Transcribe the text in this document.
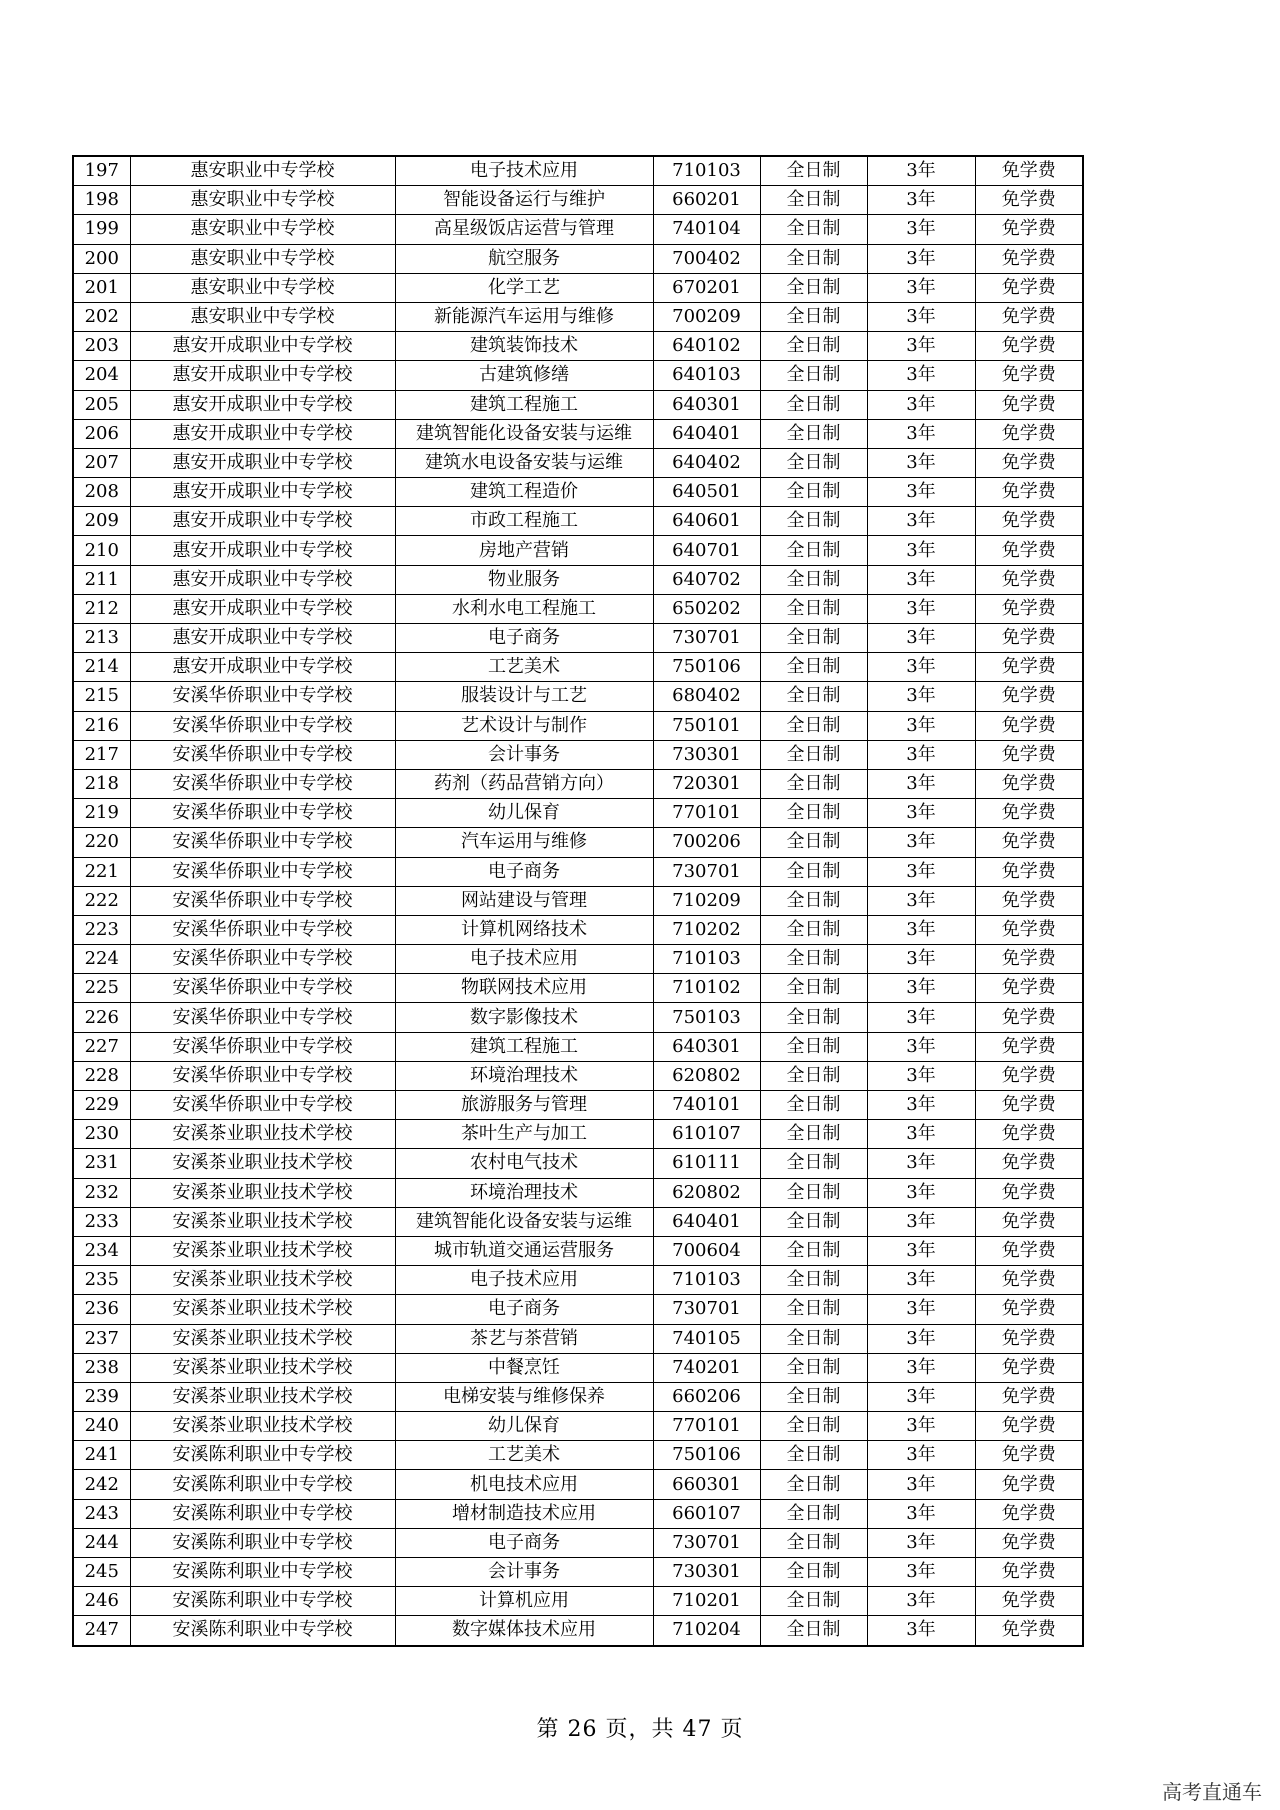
197	惠安职业中专学校	电子技术应用	710103	全日制	3年	免学费
198	惠安职业中专学校	智能设备运行与维护	660201	全日制	3年	免学费
199	惠安职业中专学校	高星级饭店运营与管理	740104	全日制	3年	免学费
200	惠安职业中专学校	航空服务	700402	全日制	3年	免学费
201	惠安职业中专学校	化学工艺	670201	全日制	3年	免学费
202	惠安职业中专学校	新能源汽车运用与维修	700209	全日制	3年	免学费
203	惠安开成职业中专学校	建筑装饰技术	640102	全日制	3年	免学费
204	惠安开成职业中专学校	古建筑修缮	640103	全日制	3年	免学费
205	惠安开成职业中专学校	建筑工程施工	640301	全日制	3年	免学费
206	惠安开成职业中专学校	建筑智能化设备安装与运维	640401	全日制	3年	免学费
207	惠安开成职业中专学校	建筑水电设备安装与运维	640402	全日制	3年	免学费
208	惠安开成职业中专学校	建筑工程造价	640501	全日制	3年	免学费
209	惠安开成职业中专学校	市政工程施工	640601	全日制	3年	免学费
210	惠安开成职业中专学校	房地产营销	640701	全日制	3年	免学费
211	惠安开成职业中专学校	物业服务	640702	全日制	3年	免学费
212	惠安开成职业中专学校	水利水电工程施工	650202	全日制	3年	免学费
213	惠安开成职业中专学校	电子商务	730701	全日制	3年	免学费
214	惠安开成职业中专学校	工艺美术	750106	全日制	3年	免学费
215	安溪华侨职业中专学校	服装设计与工艺	680402	全日制	3年	免学费
216	安溪华侨职业中专学校	艺术设计与制作	750101	全日制	3年	免学费
217	安溪华侨职业中专学校	会计事务	730301	全日制	3年	免学费
218	安溪华侨职业中专学校	药剂（药品营销方向）	720301	全日制	3年	免学费
219	安溪华侨职业中专学校	幼儿保育	770101	全日制	3年	免学费
220	安溪华侨职业中专学校	汽车运用与维修	700206	全日制	3年	免学费
221	安溪华侨职业中专学校	电子商务	730701	全日制	3年	免学费
222	安溪华侨职业中专学校	网站建设与管理	710209	全日制	3年	免学费
223	安溪华侨职业中专学校	计算机网络技术	710202	全日制	3年	免学费
224	安溪华侨职业中专学校	电子技术应用	710103	全日制	3年	免学费
225	安溪华侨职业中专学校	物联网技术应用	710102	全日制	3年	免学费
226	安溪华侨职业中专学校	数字影像技术	750103	全日制	3年	免学费
227	安溪华侨职业中专学校	建筑工程施工	640301	全日制	3年	免学费
228	安溪华侨职业中专学校	环境治理技术	620802	全日制	3年	免学费
229	安溪华侨职业中专学校	旅游服务与管理	740101	全日制	3年	免学费
230	安溪茶业职业技术学校	茶叶生产与加工	610107	全日制	3年	免学费
231	安溪茶业职业技术学校	农村电气技术	610111	全日制	3年	免学费
232	安溪茶业职业技术学校	环境治理技术	620802	全日制	3年	免学费
233	安溪茶业职业技术学校	建筑智能化设备安装与运维	640401	全日制	3年	免学费
234	安溪茶业职业技术学校	城市轨道交通运营服务	700604	全日制	3年	免学费
235	安溪茶业职业技术学校	电子技术应用	710103	全日制	3年	免学费
236	安溪茶业职业技术学校	电子商务	730701	全日制	3年	免学费
237	安溪茶业职业技术学校	茶艺与茶营销	740105	全日制	3年	免学费
238	安溪茶业职业技术学校	中餐烹饪	740201	全日制	3年	免学费
239	安溪茶业职业技术学校	电梯安装与维修保养	660206	全日制	3年	免学费
240	安溪茶业职业技术学校	幼儿保育	770101	全日制	3年	免学费
241	安溪陈利职业中专学校	工艺美术	750106	全日制	3年	免学费
242	安溪陈利职业中专学校	机电技术应用	660301	全日制	3年	免学费
243	安溪陈利职业中专学校	增材制造技术应用	660107	全日制	3年	免学费
244	安溪陈利职业中专学校	电子商务	730701	全日制	3年	免学费
245	安溪陈利职业中专学校	会计事务	730301	全日制	3年	免学费
246	安溪陈利职业中专学校	计算机应用	710201	全日制	3年	免学费
247	安溪陈利职业中专学校	数字媒体技术应用	710204	全日制	3年	免学费
第 26 页，共 47 页
高考直通车
